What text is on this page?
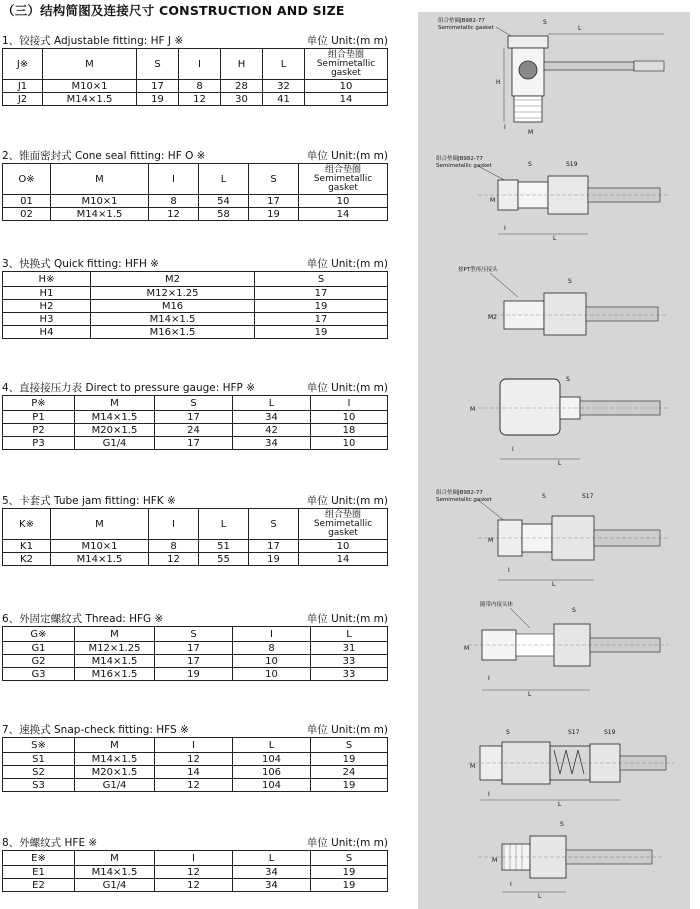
（三）结构简图及连接尺寸 CONSTRUCTION AND SIZE
1、铰接式 Adjustable fitting: HF J ※	单位 Unit:(m m)
J※	M	S	I	H	L	组合垫圈
Semimetallic
gasket
J1	M10×1	17	8	28	32	10
J2	M14×1.5	19	12	30	41	14
2、锥面密封式 Cone seal fitting: HF O ※	单位 Unit:(m m)
O※	M	I	L	S	组合垫圈
Semimetallic
gasket
01	M10×1	8	54	17	10
02	M14×1.5	12	58	19	14
3、快换式 Quick fitting: HFH ※	单位 Unit:(m m)
H※	M2	S
H1	M12×1.25	17
H2	M16	19
H3	M14×1.5	17
H4	M16×1.5	19
4、直接接压力表 Direct to pressure gauge: HFP ※	单位 Unit:(m m)
P※	M	S	L	I
P1	M14×1.5	17	34	10
P2	M20×1.5	24	42	18
P3	G1/4	17	34	10
5、卡套式 Tube jam fitting: HFK ※	单位 Unit:(m m)
K※	M	I	L	S	组合垫圈
Semimetallic
gasket
K1	M10×1	8	51	17	10
K2	M14×1.5	12	55	19	14
6、外固定螺纹式 Thread: HFG ※	单位 Unit:(m m)
G※	M	S	I	L
G1	M12×1.25	17	8	31
G2	M14×1.5	17	10	33
G3	M16×1.5	19	10	33
7、速换式 Snap-check fitting: HFS ※	单位 Unit:(m m)
S※	M	I	L	S
S1	M14×1.5	12	104	19
S2	M20×1.5	14	106	24
S3	G1/4	12	104	19
8、外螺纹式 HFE ※	单位 Unit:(m m)
E※	M	I	L	S
E1	M14×1.5	12	34	19
E2	G1/4	12	34	19
组合垫圈JB982-77
Semimetallic gasket
S
L
H
I
M
组合垫圈JB982-77
Semimetallic gasket	S	S19
M
I
L
按PT型再压接头
S
M2
S
M
I
L
组合垫圈JB982-77
Semimetallic gasket	S	S17
M
I
L
随带内接头体
S
M
I
L
S	S17	S19
M
I
L
S
M
I
L
